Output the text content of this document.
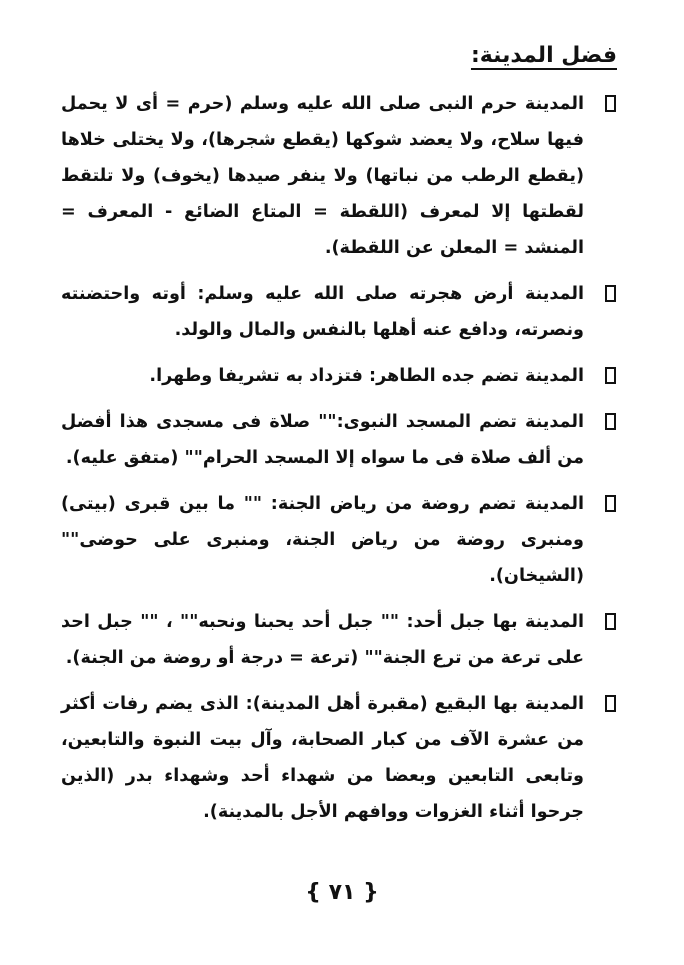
فضل المدينة:
المدينة حرم النبى صلى الله عليه وسلم (حرم = أى لا يحمل فيها سلاح، ولا يعضد شوكها (يقطع شجرها)، ولا يختلى خلاها (يقطع الرطب من نباتها) ولا ينفر صيدها (يخوف) ولا تلتقط لقطتها إلا لمعرف (اللقطة = المتاع الضائع - المعرف = المنشد = المعلن عن اللقطة).
المدينة أرض هجرته صلى الله عليه وسلم: أوته واحتضنته ونصرته، ودافع عنه أهلها بالنفس والمال والولد.
المدينة تضم جده الطاهر: فتزداد به تشريفا وطهرا.
المدينة تضم المسجد النبوى:"" صلاة فى مسجدى هذا أفضل من ألف صلاة فى ما سواه إلا المسجد الحرام"" (متفق عليه).
المدينة تضم روضة من رياض الجنة: "" ما بين قبرى (بيتى) ومنبرى روضة من رياض الجنة، ومنبرى على حوضى"" (الشيخان).
المدينة بها جبل أحد: "" جبل أحد يحبنا ونحبه"" ، "" جبل احد على ترعة من ترع الجنة"" (ترعة = درجة أو روضة من الجنة).
المدينة بها البقيع (مقبرة أهل المدينة): الذى يضم رفات أكثر من عشرة الآف من كبار الصحابة، وآل بيت النبوة والتابعين، وتابعى التابعين وبعضا من شهداء أحد وشهداء بدر (الذين جرحوا أثناء الغزوات ووافهم الأجل بالمدينة).
{ ٧١ }
